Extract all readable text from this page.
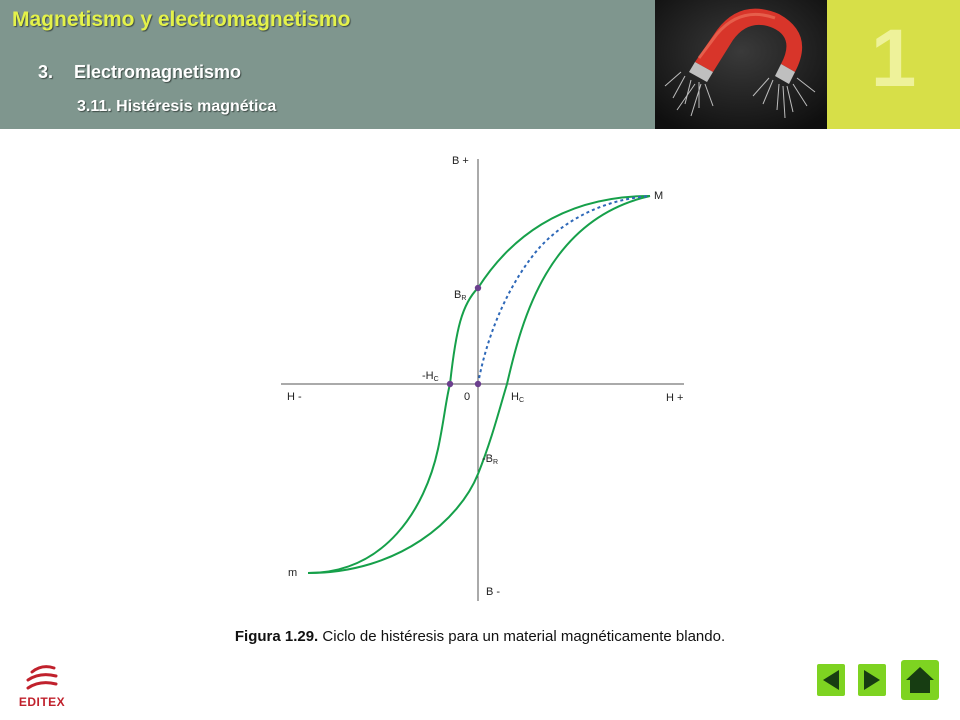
Magnetismo y electromagnetismo
3. Electromagnetismo
3.11. Histéresis magnética
1
B +
B -
H +
H -	0
M
m
HC
-HC
BR
-BR
Figura 1.29. Ciclo de histéresis para un material magnéticamente blando.
EDITEX
